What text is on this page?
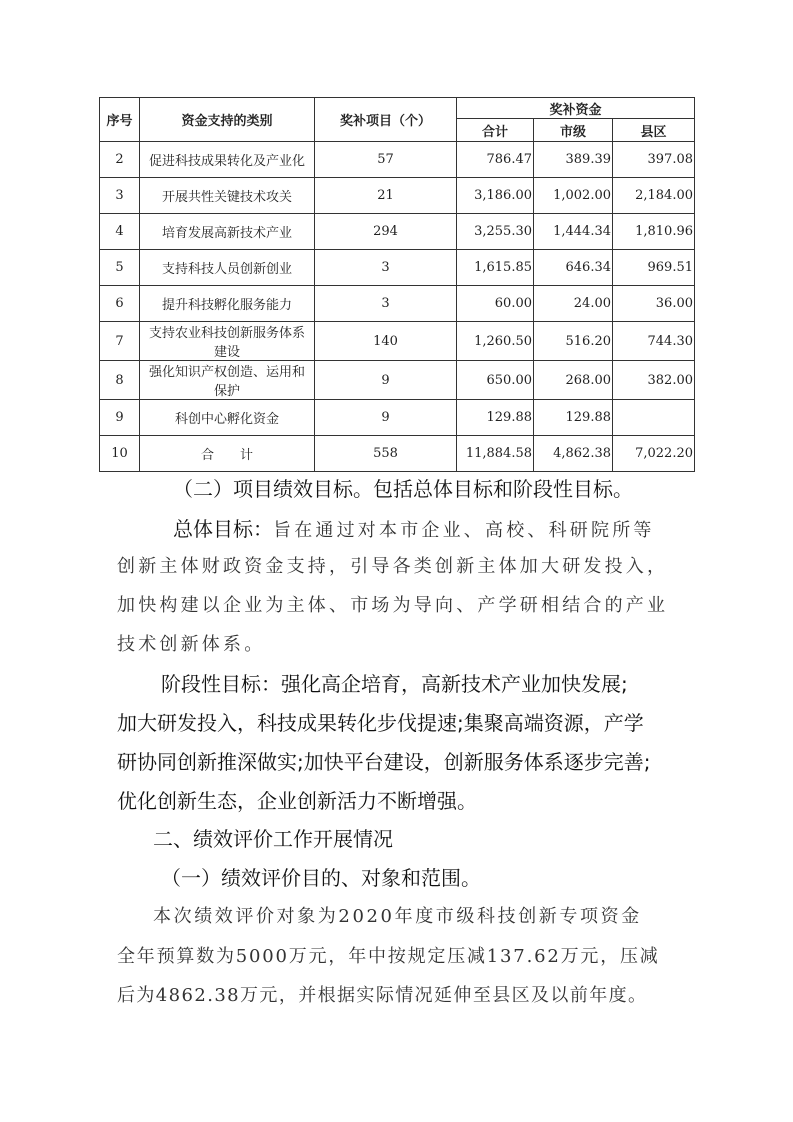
序号	资金支持的类别	奖补项目（个）	奖补资金		
			合计	市级	县区
2	促进科技成果转化及产业化	57	786.47	389.39	397.08
3	开展共性关键技术攻关	21	3,186.00	1,002.00	2,184.00
4	培育发展高新技术产业	294	3,255.30	1,444.34	1,810.96
5	支持科技人员创新创业	3	1,615.85	646.34	969.51
6	提升科技孵化服务能力	3	60.00	24.00	36.00
7	支持农业科技创新服务体系建设	140	1,260.50	516.20	744.30
8	强化知识产权创造、运用和保护	9	650.00	268.00	382.00
9	科创中心孵化资金	9	129.88	129.88	
10	合　　计	558	11,884.58	4,862.38	7,022.20
（二）项目绩效目标。包括总体目标和阶段性目标。
总体目标：旨在通过对本市企业、高校、科研院所等
创新主体财政资金支持，引导各类创新主体加大研发投入，
加快构建以企业为主体、市场为导向、产学研相结合的产业
技术创新体系。
阶段性目标：强化高企培育，高新技术产业加快发展;
加大研发投入，科技成果转化步伐提速;集聚高端资源，产学
研协同创新推深做实;加快平台建设，创新服务体系逐步完善;
优化创新生态，企业创新活力不断增强。
二、绩效评价工作开展情况
（一）绩效评价目的、对象和范围。
本次绩效评价对象为2020年度市级科技创新专项资金
全年预算数为5000万元，年中按规定压减137.62万元，压减
后为4862.38万元，并根据实际情况延伸至县区及以前年度。
